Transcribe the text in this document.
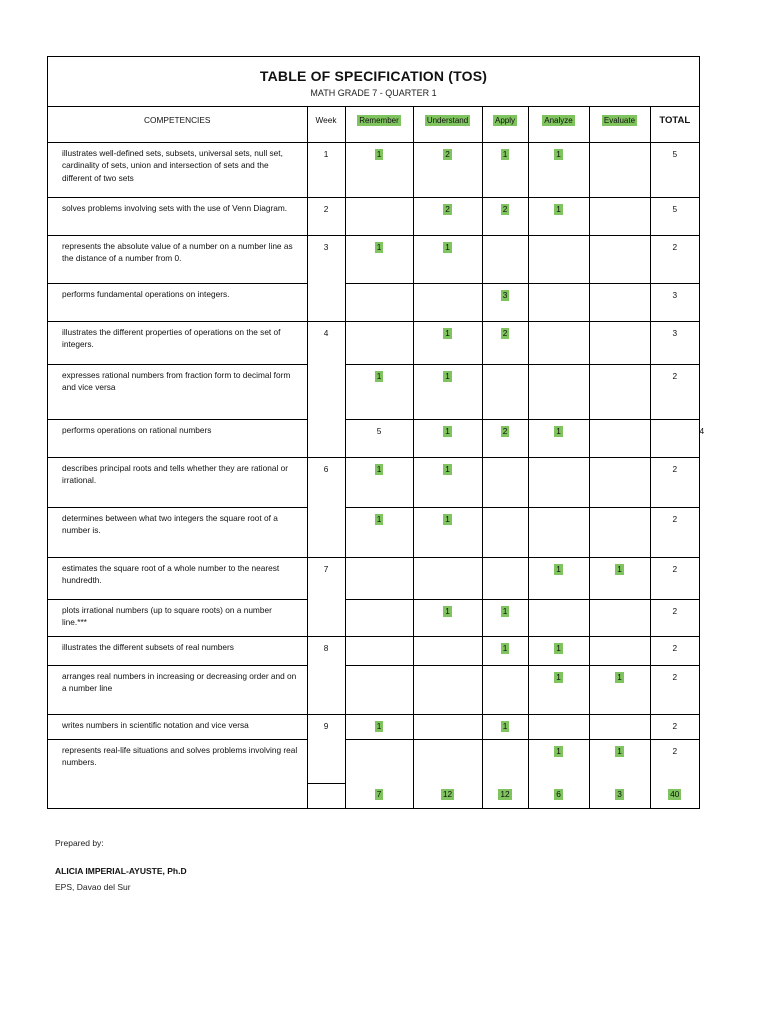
TABLE OF SPECIFICATION (TOS)
MATH GRADE 7 - QUARTER 1
COMPETENCIES	Week	Remember	Understand	Apply	Analyze	Evaluate	TOTAL	
illustrates well-defined sets, subsets, universal sets, null set, cardinality of sets, union and intersection of sets and the different of two sets	1	1	2	1	1		5	
solves problems involving sets with the use of Venn Diagram.	2		2	2	1		5	
represents the absolute value of a number on a number line as the distance of a number from 0.	3	1	1				2	
performs fundamental operations on integers.				3			3	
illustrates the different properties of operations on the set of integers.	4		1	2			3	
expresses rational numbers from fraction form to decimal form and vice versa		1	1				2	
performs operations on rational numbers		5	1	2	1			4
describes principal roots and tells whether they are rational or irrational.	6	1	1				2	
determines between what two integers the square root of a number is.		1	1				2	
estimates the square root of a whole number to the nearest hundredth.	7				1	1	2	
plots irrational numbers (up to square roots) on a number line.***			1	1			2	
illustrates the different subsets of real numbers	8			1	1		2	
arranges real numbers in increasing or decreasing order and on a number line					1	1	2	
writes numbers in scientific notation and vice versa	9	1		1			2	
represents real-life situations and solves problems involving real numbers.					1	1	2	
		7	12	12	6	3	40	
Prepared by:
ALICIA IMPERIAL-AYUSTE, Ph.D
EPS, Davao del Sur
